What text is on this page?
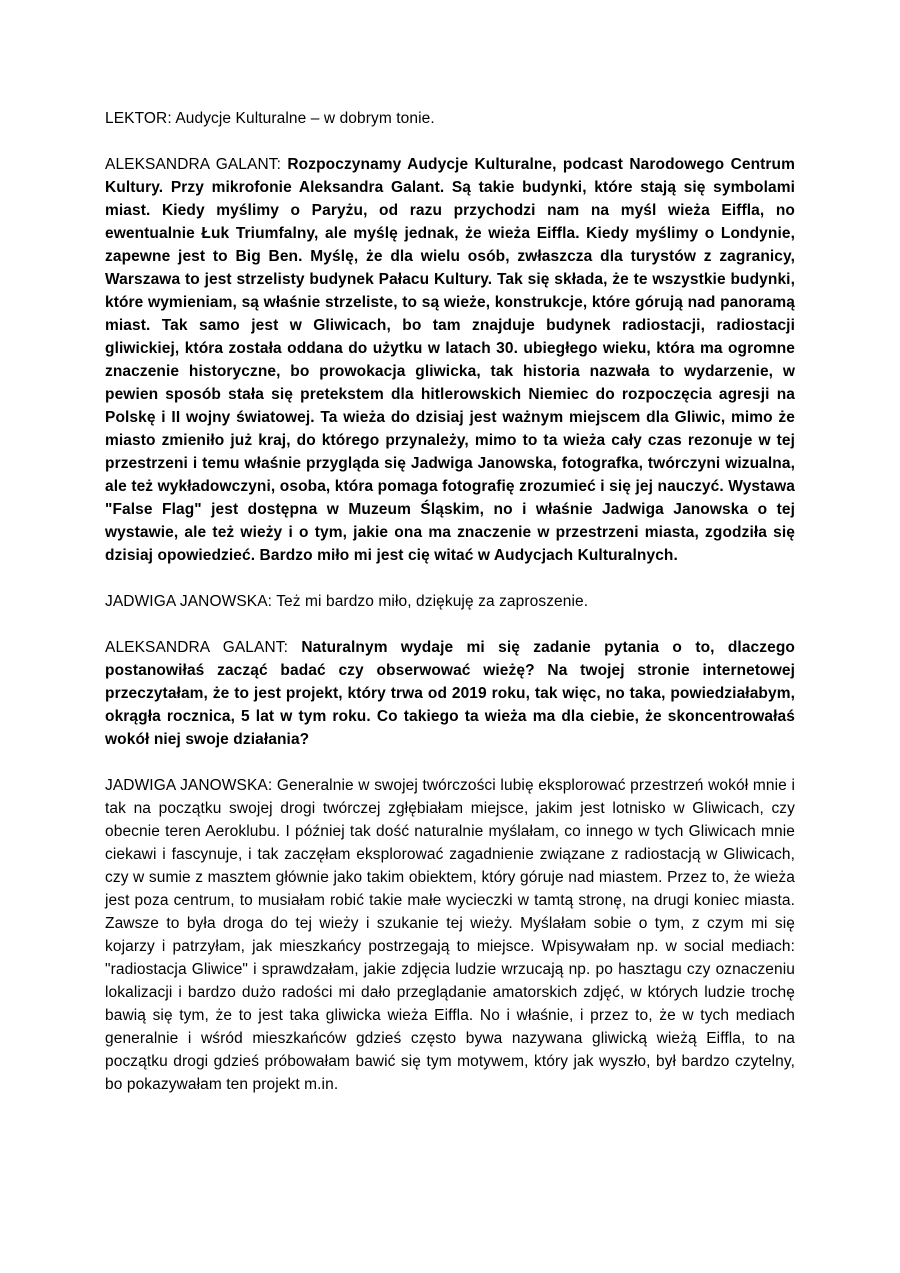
LEKTOR: Audycje Kulturalne – w dobrym tonie.

ALEKSANDRA GALANT: Rozpoczynamy Audycje Kulturalne, podcast Narodowego Centrum Kultury. Przy mikrofonie Aleksandra Galant. Są takie budynki, które stają się symbolami miast. Kiedy myślimy o Paryżu, od razu przychodzi nam na myśl wieża Eiffla, no ewentualnie Łuk Triumfalny, ale myślę jednak, że wieża Eiffla. Kiedy myślimy o Londynie, zapewne jest to Big Ben. Myślę, że dla wielu osób, zwłaszcza dla turystów z zagranicy, Warszawa to jest strzelisty budynek Pałacu Kultury. Tak się składa, że te wszystkie budynki, które wymieniam, są właśnie strzeliste, to są wieże, konstrukcje, które górują nad panoramą miast. Tak samo jest w Gliwicach, bo tam znajduje budynek radiostacji, radiostacji gliwickiej, która została oddana do użytku w latach 30. ubiegłego wieku, która ma ogromne znaczenie historyczne, bo prowokacja gliwicka, tak historia nazwała to wydarzenie, w pewien sposób stała się pretekstem dla hitlerowskich Niemiec do rozpoczęcia agresji na Polskę i II wojny światowej. Ta wieża do dzisiaj jest ważnym miejscem dla Gliwic, mimo że miasto zmieniło już kraj, do którego przynależy, mimo to ta wieża cały czas rezonuje w tej przestrzeni i temu właśnie przygląda się Jadwiga Janowska, fotografka, twórczyni wizualna, ale też wykładowczyni, osoba, która pomaga fotografię zrozumieć i się jej nauczyć. Wystawa "False Flag" jest dostępna w Muzeum Śląskim, no i właśnie Jadwiga Janowska o tej wystawie, ale też wieży i o tym, jakie ona ma znaczenie w przestrzeni miasta, zgodziła się dzisiaj opowiedzieć. Bardzo miło mi jest cię witać w Audycjach Kulturalnych.

JADWIGA JANOWSKA: Też mi bardzo miło, dziękuję za zaproszenie.

ALEKSANDRA GALANT: Naturalnym wydaje mi się zadanie pytania o to, dlaczego postanowiłaś zacząć badać czy obserwować wieżę? Na twojej stronie internetowej przeczytałam, że to jest projekt, który trwa od 2019 roku, tak więc, no taka, powiedziałabym, okrągła rocznica, 5 lat w tym roku. Co takiego ta wieża ma dla ciebie, że skoncentrowałaś wokół niej swoje działania?

JADWIGA JANOWSKA: Generalnie w swojej twórczości lubię eksplorować przestrzeń wokół mnie i tak na początku swojej drogi twórczej zgłębiałam miejsce, jakim jest lotnisko w Gliwicach, czy obecnie teren Aeroklubu. I później tak dość naturalnie myślałam, co innego w tych Gliwicach mnie ciekawi i fascynuje, i tak zaczęłam eksplorować zagadnienie związane z radiostacją w Gliwicach, czy w sumie z masztem głównie jako takim obiektem, który góruje nad miastem. Przez to, że wieża jest poza centrum, to musiałam robić takie małe wycieczki w tamtą stronę, na drugi koniec miasta. Zawsze to była droga do tej wieży i szukanie tej wieży. Myślałam sobie o tym, z czym mi się kojarzy i patrzyłam, jak mieszkańcy postrzegają to miejsce. Wpisywałam np. w social mediach: "radiostacja Gliwice" i sprawdzałam, jakie zdjęcia ludzie wrzucają np. po hasztagu czy oznaczeniu lokalizacji i bardzo dużo radości mi dało przeglądanie amatorskich zdjęć, w których ludzie trochę bawią się tym, że to jest taka gliwicka wieża Eiffla. No i właśnie, i przez to, że w tych mediach generalnie i wśród mieszkańców gdzieś często bywa nazywana gliwicką wieżą Eiffla, to na początku drogi gdzieś próbowałam bawić się tym motywem, który jak wyszło, był bardzo czytelny, bo pokazywałam ten projekt m.in.
